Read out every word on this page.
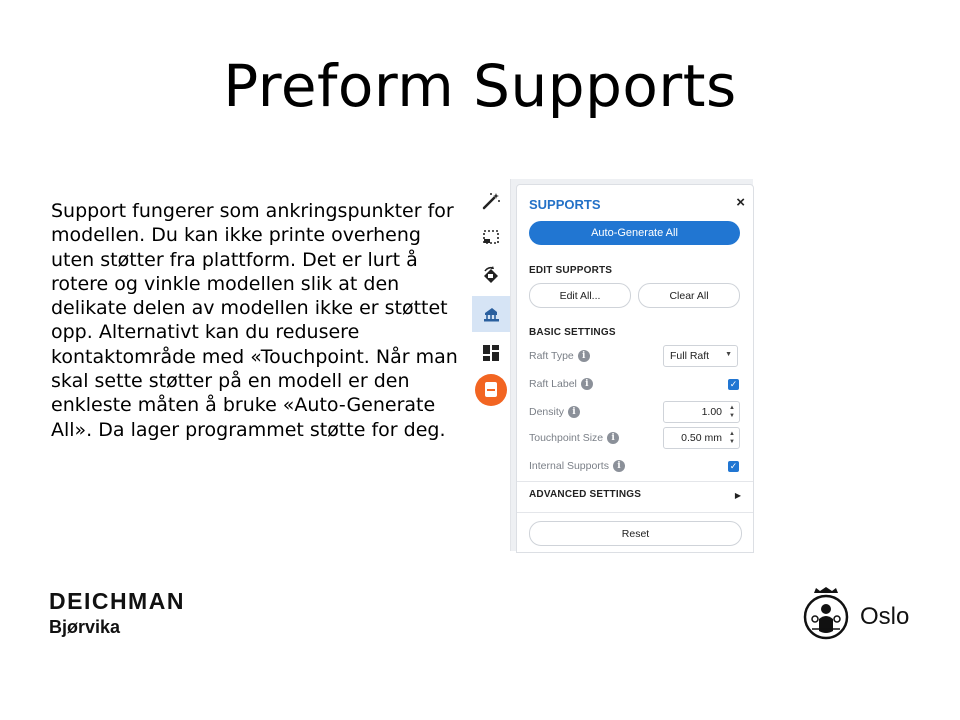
Preform Supports

Support fungerer som ankringspunkter for modellen. Du kan ikke printe overheng uten støtter fra plattform. Det er lurt å rotere og vinkle modellen slik at den delikate delen av modellen ikke er støttet opp. Alternativt kan du redusere kontaktområde med «Touchpoint. Når man skal sette støtter på en modell er den enkleste måten å bruke «Auto-Generate All». Da lager programmet støtte for deg.

SUPPORTS	×
Auto-Generate All
EDIT SUPPORTS
Edit All...	Clear All
BASIC SETTINGS
Raft Type i	Full Raft ▼
Raft Label i	✓
Density i	1.00 ▲
▼
Touchpoint Size i	0.50 mm ▲
▼
Internal Supports i	✓
ADVANCED SETTINGS	▶
Reset
DEICHMAN
Bjørvika	Oslo
